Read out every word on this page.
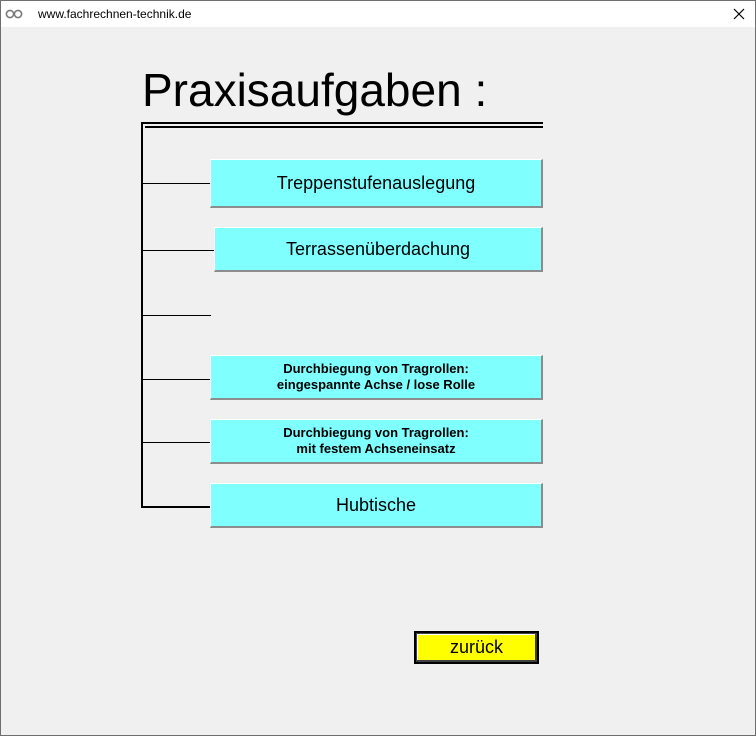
www.fachrechnen-technik.de
Praxisaufgaben :
Treppenstufenauslegung
Terrassenüberdachung
Durchbiegung von Tragrollen:
eingespannte Achse / lose Rolle
Durchbiegung von Tragrollen:
mit festem Achseneinsatz
Hubtische
zurück
